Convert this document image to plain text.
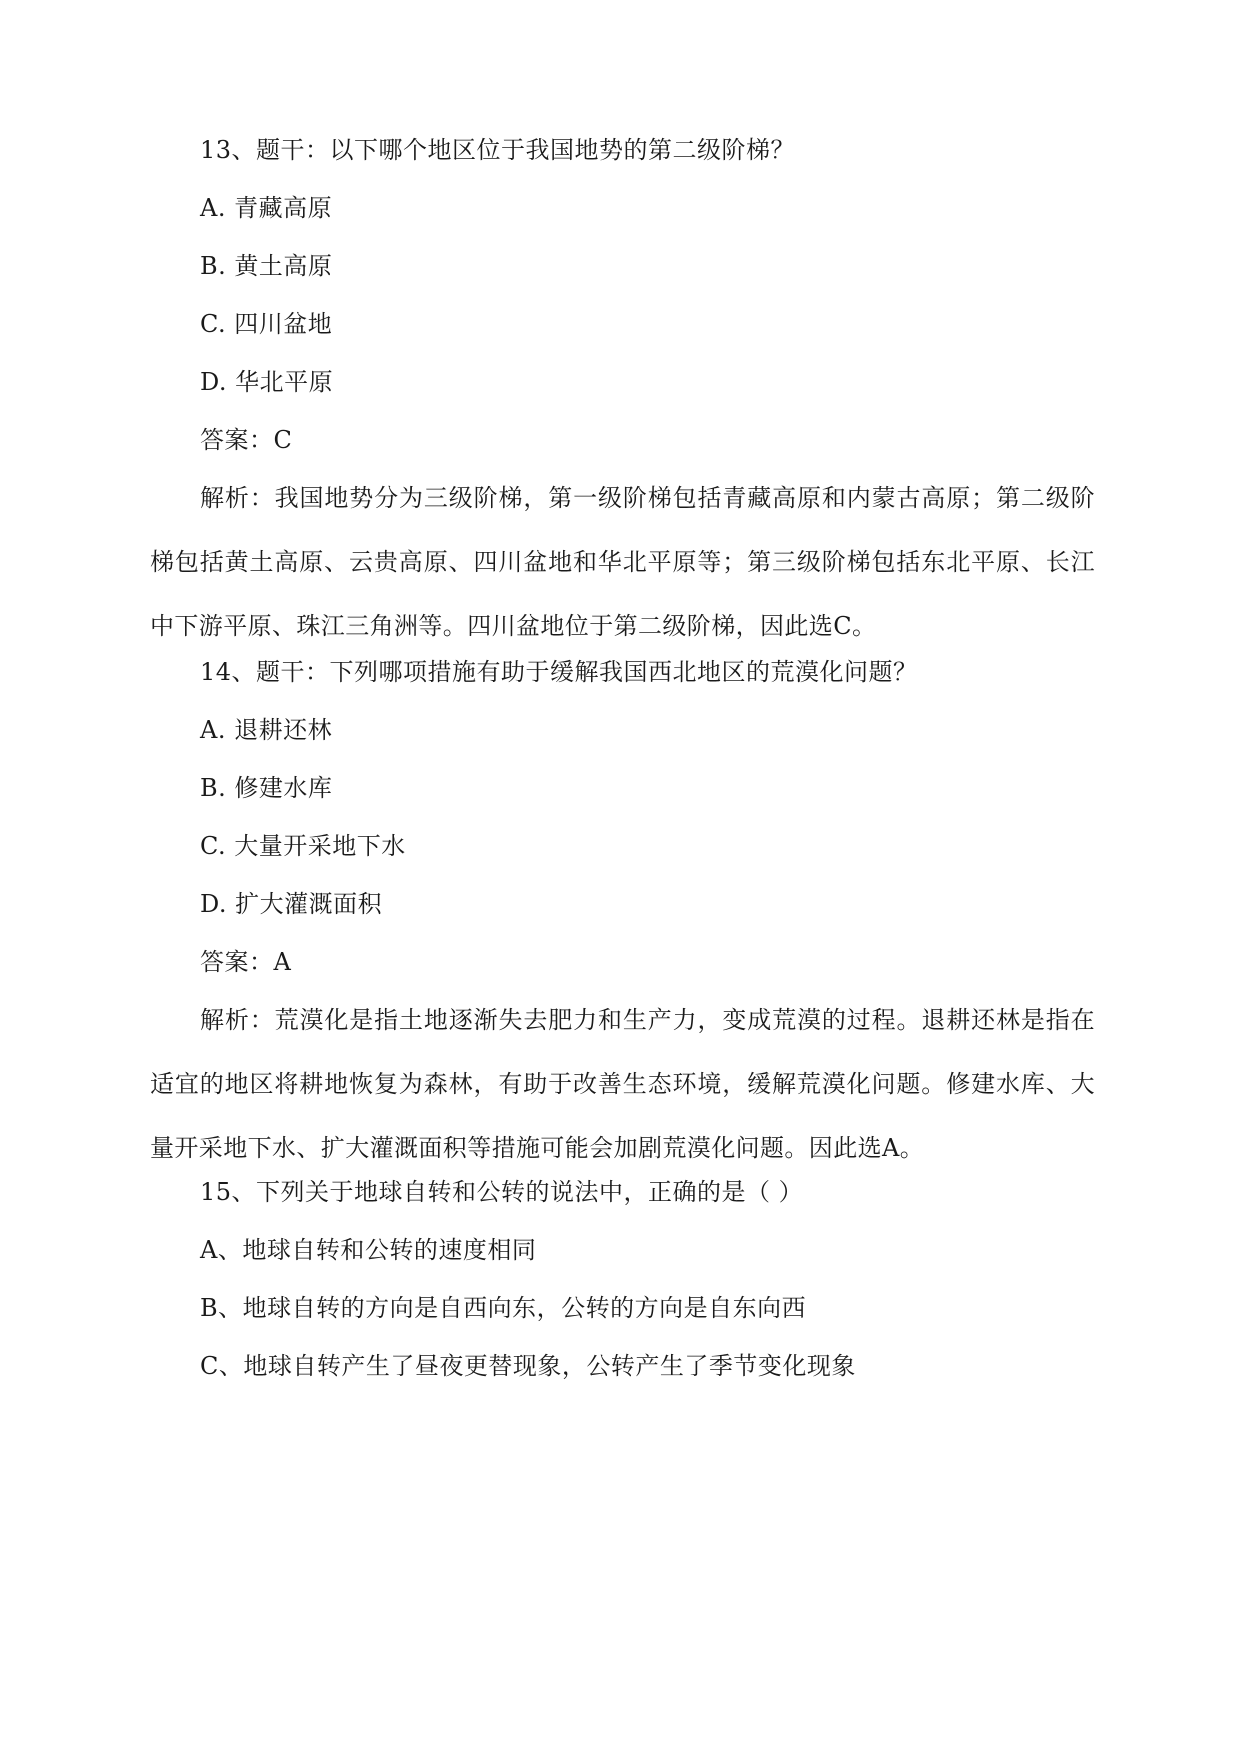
13、题干：以下哪个地区位于我国地势的第二级阶梯？
A. 青藏高原
B. 黄土高原
C. 四川盆地
D. 华北平原
答案：C
解析：我国地势分为三级阶梯，第一级阶梯包括青藏高原和内蒙古高原；第二级阶梯包括黄土高原、云贵高原、四川盆地和华北平原等；第三级阶梯包括东北平原、长江中下游平原、珠江三角洲等。四川盆地位于第二级阶梯，因此选C。
14、题干：下列哪项措施有助于缓解我国西北地区的荒漠化问题？
A. 退耕还林
B. 修建水库
C. 大量开采地下水
D. 扩大灌溉面积
答案：A
解析：荒漠化是指土地逐渐失去肥力和生产力，变成荒漠的过程。退耕还林是指在适宜的地区将耕地恢复为森林，有助于改善生态环境，缓解荒漠化问题。修建水库、大量开采地下水、扩大灌溉面积等措施可能会加剧荒漠化问题。因此选A。
15、下列关于地球自转和公转的说法中，正确的是（ ）
A、地球自转和公转的速度相同
B、地球自转的方向是自西向东，公转的方向是自东向西
C、地球自转产生了昼夜更替现象，公转产生了季节变化现象
